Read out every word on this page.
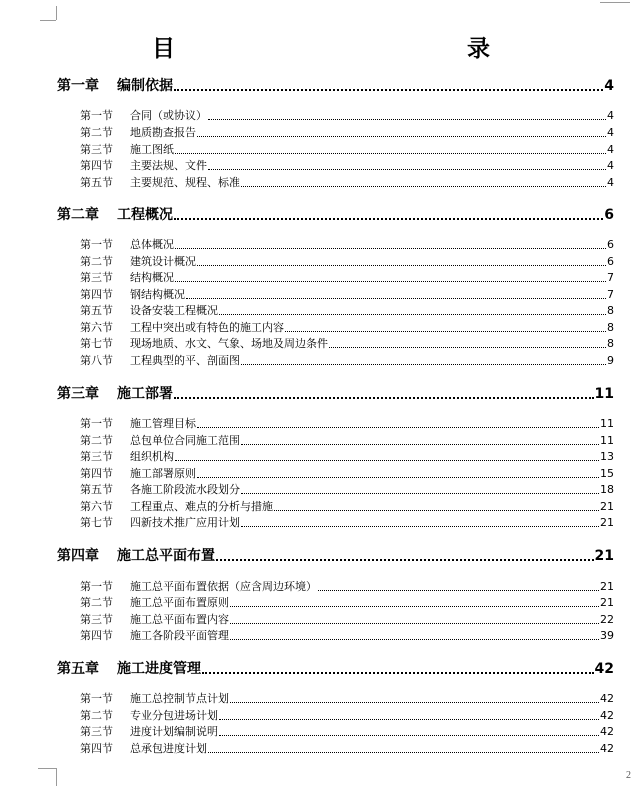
目　　录
第一章	编制依据	4
第一节	合同（或协议）	4
第二节	地质勘查报告	4
第三节	施工图纸	4
第四节	主要法规、文件	4
第五节	主要规范、规程、标准	4
第二章	工程概况	6
第一节	总体概况	6
第二节	建筑设计概况	6
第三节	结构概况	7
第四节	钢结构概况	7
第五节	设备安装工程概况	8
第六节	工程中突出或有特色的施工内容	8
第七节	现场地质、水文、气象、场地及周边条件	8
第八节	工程典型的平、剖面图	9
第三章	施工部署	11
第一节	施工管理目标	11
第二节	总包单位合同施工范围	11
第三节	组织机构	13
第四节	施工部署原则	15
第五节	各施工阶段流水段划分	18
第六节	工程重点、难点的分析与措施	21
第七节	四新技术推广应用计划	21
第四章	施工总平面布置	21
第一节	施工总平面布置依据（应含周边环境）	21
第二节	施工总平面布置原则	21
第三节	施工总平面布置内容	22
第四节	施工各阶段平面管理	39
第五章	施工进度管理	42
第一节	施工总控制节点计划	42
第二节	专业分包进场计划	42
第三节	进度计划编制说明	42
第四节	总承包进度计划	42
2
